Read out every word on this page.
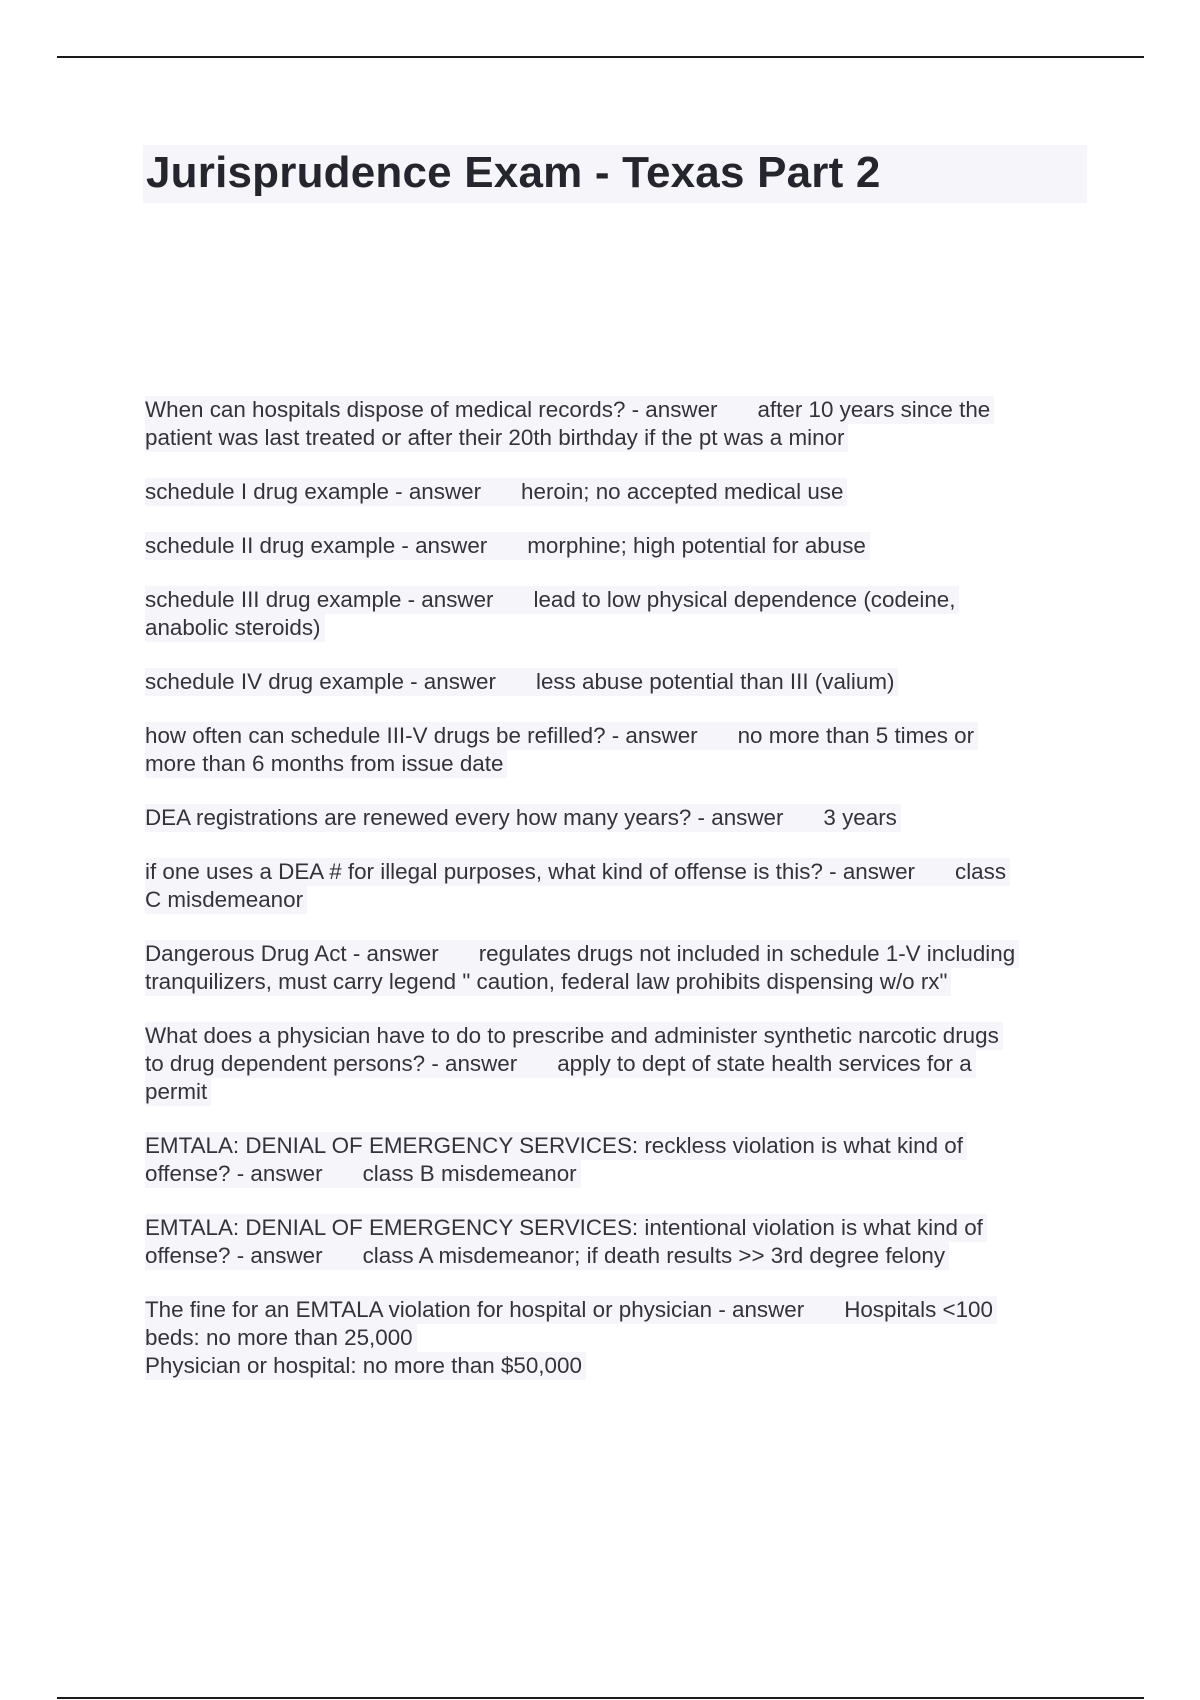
Jurisprudence Exam - Texas Part 2
When can hospitals dispose of medical records? - answer after 10 years since the
patient was last treated or after their 20th birthday if the pt was a minor
schedule I drug example - answer heroin; no accepted medical use
schedule II drug example - answer morphine; high potential for abuse
schedule III drug example - answer lead to low physical dependence (codeine,
anabolic steroids)
schedule IV drug example - answer less abuse potential than III (valium)
how often can schedule III-V drugs be refilled? - answer no more than 5 times or
more than 6 months from issue date
DEA registrations are renewed every how many years? - answer 3 years
if one uses a DEA # for illegal purposes, what kind of offense is this? - answer class
C misdemeanor
Dangerous Drug Act - answer regulates drugs not included in schedule 1-V including
tranquilizers, must carry legend " caution, federal law prohibits dispensing w/o rx"
What does a physician have to do to prescribe and administer synthetic narcotic drugs
to drug dependent persons? - answer apply to dept of state health services for a
permit
EMTALA: DENIAL OF EMERGENCY SERVICES: reckless violation is what kind of
offense? - answer class B misdemeanor
EMTALA: DENIAL OF EMERGENCY SERVICES: intentional violation is what kind of
offense? - answer class A misdemeanor; if death results >> 3rd degree felony
The fine for an EMTALA violation for hospital or physician - answer Hospitals <100
beds: no more than 25,000
Physician or hospital: no more than $50,000
